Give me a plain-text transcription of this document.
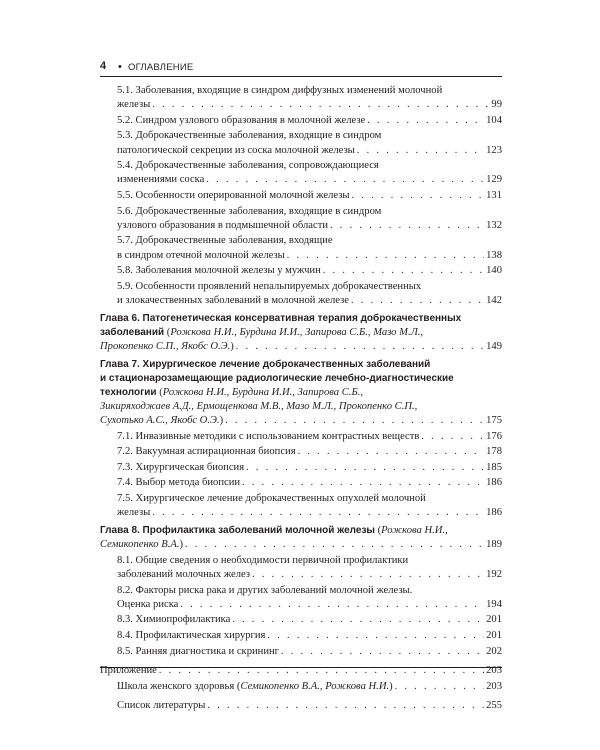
4 • ОГЛАВЛЕНИЕ
5.1. Заболевания, входящие в синдром диффузных изменений молочной
железы . . .	99
5.2. Синдром узлового образования в молочной железе . . .	104
5.3. Доброкачественные заболевания, входящие в синдром
патологической секреции из соска молочной железы . . .	123
5.4. Доброкачественные заболевания, сопровождающиеся
изменениями соска . . .	129
5.5. Особенности оперированной молочной железы . . .	131
5.6. Доброкачественные заболевания, входящие в синдром
узлового образования в подмышечной области . . .	132
5.7. Доброкачественные заболевания, входящие
в синдром отечной молочной железы . . .	138
5.8. Заболевания молочной железы у мужчин . . .	140
5.9. Особенности проявлений непальпируемых доброкачественных
и злокачественных заболеваний в молочной железе . . .	142
Глава 6. Патогенетическая консервативная терапия доброкачественных
заболеваний (Рожкова Н.И., Бурдина И.И., Запирова С.Б., Мазо М.Л.,
Прокопенко С.П., Якобс О.Э. ) . . .	149
Глава 7. Хирургическое лечение доброкачественных заболеваний
и стационарозамещающие радиологические лечебно-диагностические
технологии (Рожкова Н.И., Бурдина И.И., Запирова С.Б.,
Зикиряходжаев А.Д., Ермощенкова М.В., Мазо М.Л., Прокопенко С.П.,
Сухотько А.С., Якобс О.Э. ) . . .	175
7.1. Инвазивные методики с использованием контрастных веществ . . .	176
7.2. Вакуумная аспирационная биопсия . . .	178
7.3. Хирургическая биопсия . . .	185
7.4. Выбор метода биопсии . . .	186
7.5. Хирургическое лечение доброкачественных опухолей молочной
железы . . .	186
Глава 8. Профилактика заболеваний молочной железы (Рожкова Н.И.,
Семикопенко В.А. ) . . .	189
8.1. Общие сведения о необходимости первичной профилактики
заболеваний молочных желез . . .	192
8.2. Факторы риска рака и других заболеваний молочной железы.
Оценка риска . . .	194
8.3. Химиопрофилактика . . .	201
8.4. Профилактическая хирургия . . .	201
8.5. Ранняя диагностика и скрининг . . .	202
Приложение . . .	203
Школа женского здоровья (Семикопенко В.А., Рожкова Н.И.) . . .	203
Список литературы . . .	255
